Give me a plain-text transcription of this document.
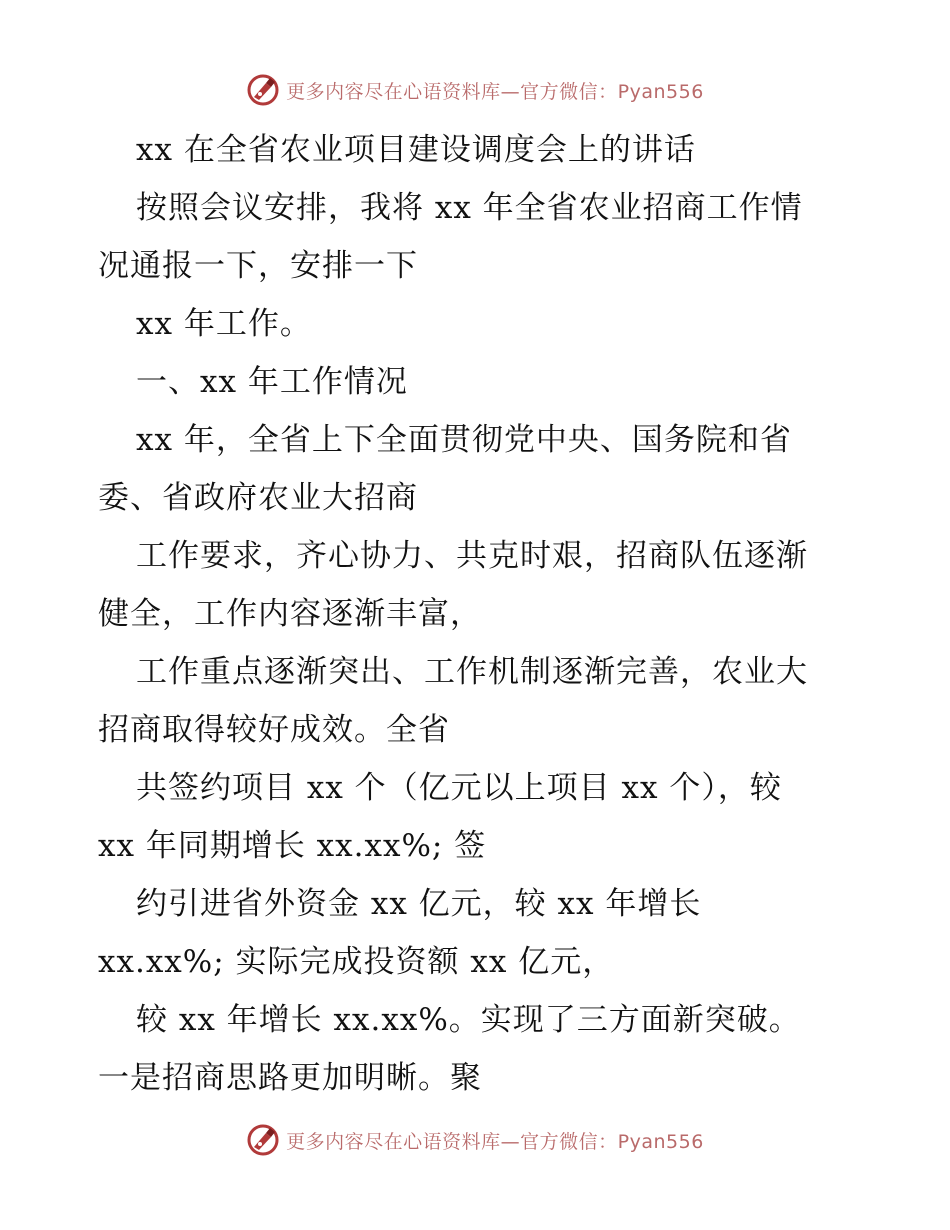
更多内容尽在心语资料库—官方微信：Pyan556
xx 在全省农业项目建设调度会上的讲话
按照会议安排，我将 xx 年全省农业招商工作情
况通报一下，安排一下
xx 年工作。
一、xx 年工作情况
xx 年，全省上下全面贯彻党中央、国务院和省
委、省政府农业大招商
工作要求，齐心协力、共克时艰，招商队伍逐渐
健全，工作内容逐渐丰富，
工作重点逐渐突出、工作机制逐渐完善，农业大
招商取得较好成效。全省
共签约项目 xx 个（亿元以上项目 xx 个），较
xx 年同期增长 xx.xx%; 签
约引进省外资金 xx 亿元，较 xx 年增长
xx.xx%; 实际完成投资额 xx 亿元，
较 xx 年增长 xx.xx%。实现了三方面新突破。
一是招商思路更加明晰。聚
更多内容尽在心语资料库—官方微信：Pyan556
